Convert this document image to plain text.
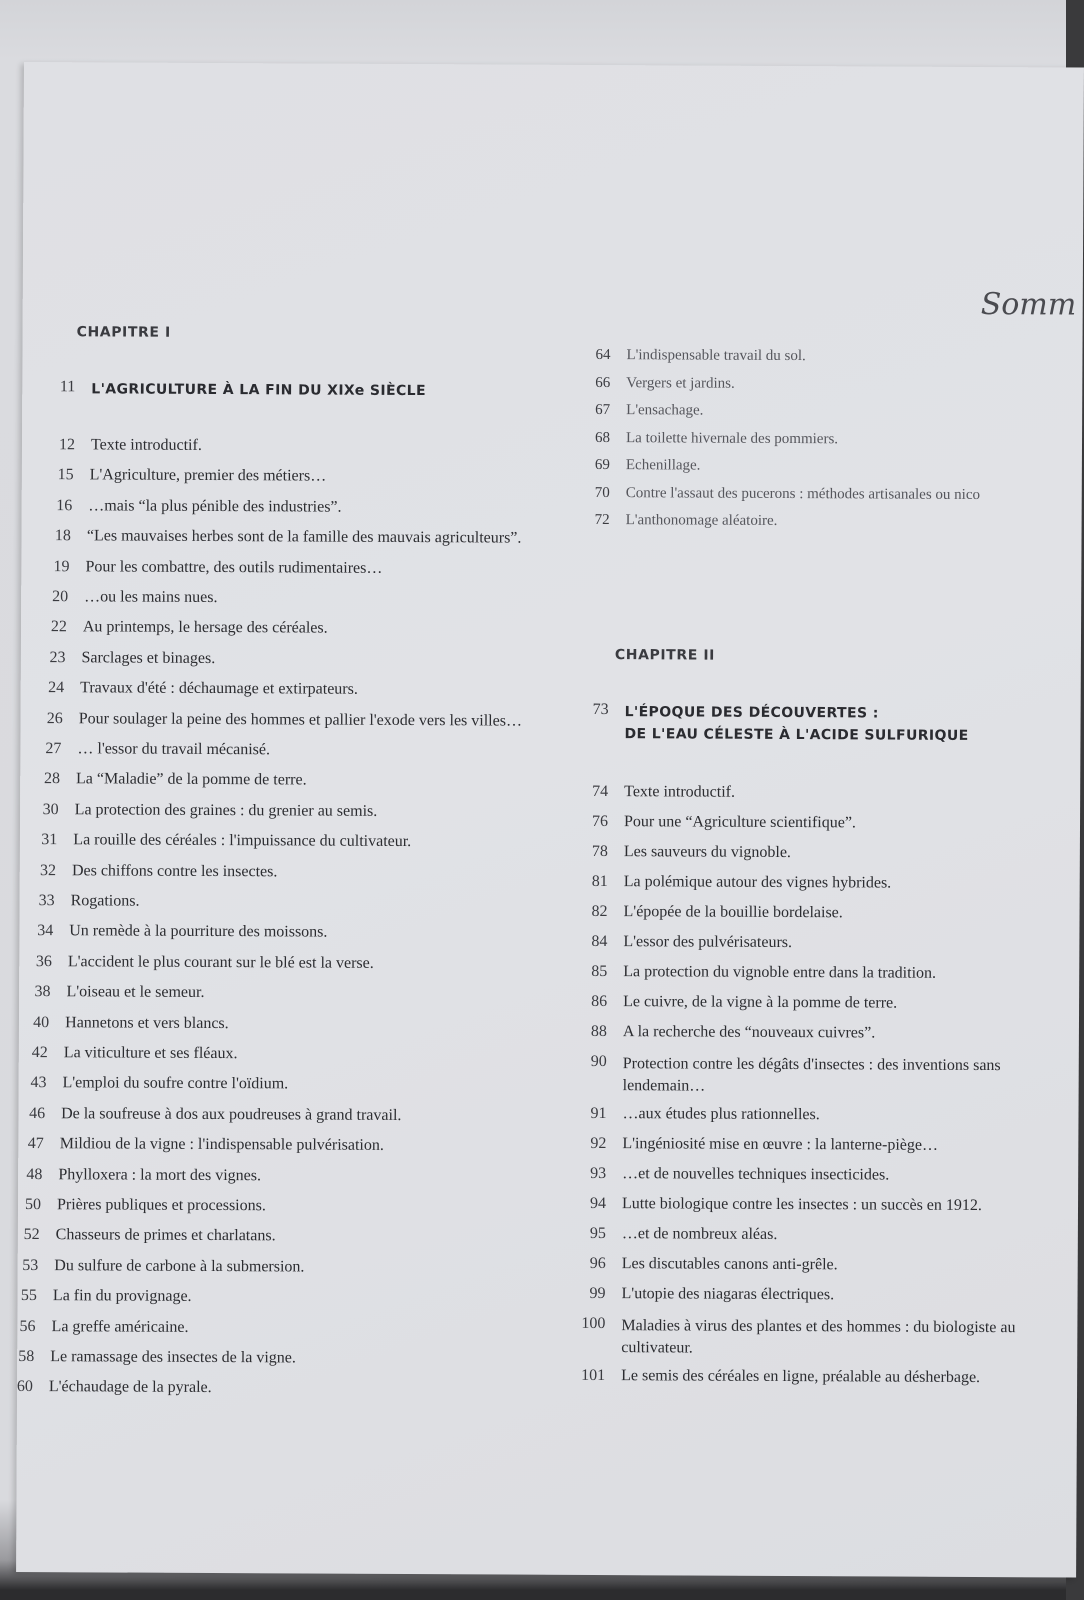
Somm
CHAPITRE I
11 L'AGRICULTURE À LA FIN DU XIXe SIÈCLE
12 Texte introductif.
15 L'Agriculture, premier des métiers…
16 …mais “la plus pénible des industries”.
18 “Les mauvaises herbes sont de la famille des mauvais agriculteurs”.
19 Pour les combattre, des outils rudimentaires…
20 …ou les mains nues.
22 Au printemps, le hersage des céréales.
23 Sarclages et binages.
24 Travaux d'été : déchaumage et extirpateurs.
26 Pour soulager la peine des hommes et pallier l'exode vers les villes…
27 … l'essor du travail mécanisé.
28 La “Maladie” de la pomme de terre.
30 La protection des graines : du grenier au semis.
31 La rouille des céréales : l'impuissance du cultivateur.
32 Des chiffons contre les insectes.
33 Rogations.
34 Un remède à la pourriture des moissons.
36 L'accident le plus courant sur le blé est la verse.
38 L'oiseau et le semeur.
40 Hannetons et vers blancs.
42 La viticulture et ses fléaux.
43 L'emploi du soufre contre l'oïdium.
46 De la soufreuse à dos aux poudreuses à grand travail.
47 Mildiou de la vigne : l'indispensable pulvérisation.
48 Phylloxera : la mort des vignes.
50 Prières publiques et processions.
52 Chasseurs de primes et charlatans.
53 Du sulfure de carbone à la submersion.
55 La fin du provignage.
56 La greffe américaine.
58 Le ramassage des insectes de la vigne.
60 L'échaudage de la pyrale.
64 L'indispensable travail du sol.
66 Vergers et jardins.
67 L'ensachage.
68 La toilette hivernale des pommiers.
69 Echenillage.
70 Contre l'assaut des pucerons : méthodes artisanales ou nico
72 L'anthonomage aléatoire.
CHAPITRE II
73 L'ÉPOQUE DES DÉCOUVERTES :
DE L'EAU CÉLESTE À L'ACIDE SULFURIQUE
74 Texte introductif.
76 Pour une “Agriculture scientifique”.
78 Les sauveurs du vignoble.
81 La polémique autour des vignes hybrides.
82 L'épopée de la bouillie bordelaise.
84 L'essor des pulvérisateurs.
85 La protection du vignoble entre dans la tradition.
86 Le cuivre, de la vigne à la pomme de terre.
88 A la recherche des “nouveaux cuivres”.
90 Protection contre les dégâts d'insectes : des inventions sans lendemain…
91 …aux études plus rationnelles.
92 L'ingéniosité mise en œuvre : la lanterne-piège…
93 …et de nouvelles techniques insecticides.
94 Lutte biologique contre les insectes : un succès en 1912.
95 …et de nombreux aléas.
96 Les discutables canons anti-grêle.
99 L'utopie des niagaras électriques.
100 Maladies à virus des plantes et des hommes : du biologiste au cultivateur.
101 Le semis des céréales en ligne, préalable au désherbage.
